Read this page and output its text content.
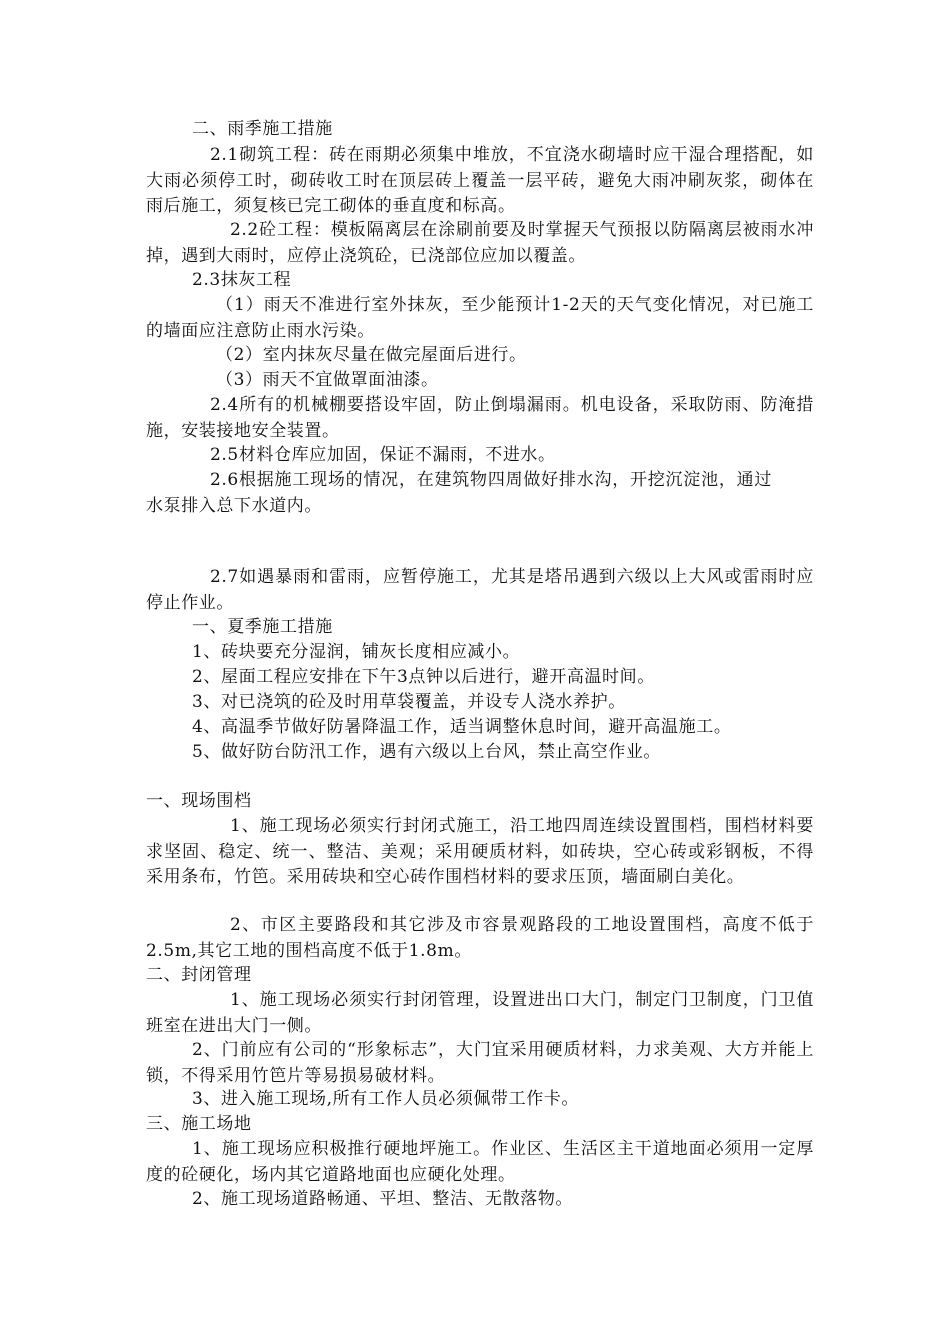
二、雨季施工措施
2.1砌筑工程：砖在雨期必须集中堆放，不宜浇水砌墙时应干湿合理搭配，如大雨必须停工时，砌砖收工时在顶层砖上覆盖一层平砖，避免大雨冲刷灰浆，砌体在雨后施工，须复核已完工砌体的垂直度和标高。
2.2砼工程：模板隔离层在涂刷前要及时掌握天气预报以防隔离层被雨水冲掉，遇到大雨时，应停止浇筑砼，已浇部位应加以覆盖。
2.3抹灰工程
（1）雨天不准进行室外抹灰，至少能预计1-2天的天气变化情况，对已施工的墙面应注意防止雨水污染。
（2）室内抹灰尽量在做完屋面后进行。
（3）雨天不宜做罩面油漆。
2.4所有的机械棚要搭设牢固，防止倒塌漏雨。机电设备，采取防雨、防淹措施，安装接地安全装置。
2.5材料仓库应加固，保证不漏雨，不进水。
2.6根据施工现场的情况，在建筑物四周做好排水沟，开挖沉淀池，通过水泵排入总下水道内。
2.7如遇暴雨和雷雨，应暂停施工，尤其是塔吊遇到六级以上大风或雷雨时应停止作业。
一、夏季施工措施
1、砖块要充分湿润，铺灰长度相应减小。
2、屋面工程应安排在下午3点钟以后进行，避开高温时间。
3、对已浇筑的砼及时用草袋覆盖，并设专人浇水养护。
4、高温季节做好防暑降温工作，适当调整休息时间，避开高温施工。
5、做好防台防汛工作，遇有六级以上台风，禁止高空作业。
一、现场围档
1、施工现场必须实行封闭式施工，沿工地四周连续设置围档，围档材料要求坚固、稳定、统一、整洁、美观；采用硬质材料，如砖块，空心砖或彩钢板，不得采用条布，竹笆。采用砖块和空心砖作围档材料的要求压顶，墙面刷白美化。
2、市区主要路段和其它涉及市容景观路段的工地设置围档，高度不低于2.5m,其它工地的围档高度不低于1.8m。
二、封闭管理
1、施工现场必须实行封闭管理，设置进出口大门，制定门卫制度，门卫值班室在进出大门一侧。
2、门前应有公司的“形象标志”，大门宜采用硬质材料，力求美观、大方并能上锁，不得采用竹笆片等易损易破材料。
3、进入施工现场,所有工作人员必须佩带工作卡。
三、施工场地
1、施工现场应积极推行硬地坪施工。作业区、生活区主干道地面必须用一定厚度的砼硬化，场内其它道路地面也应硬化处理。
2、施工现场道路畅通、平坦、整洁、无散落物。
